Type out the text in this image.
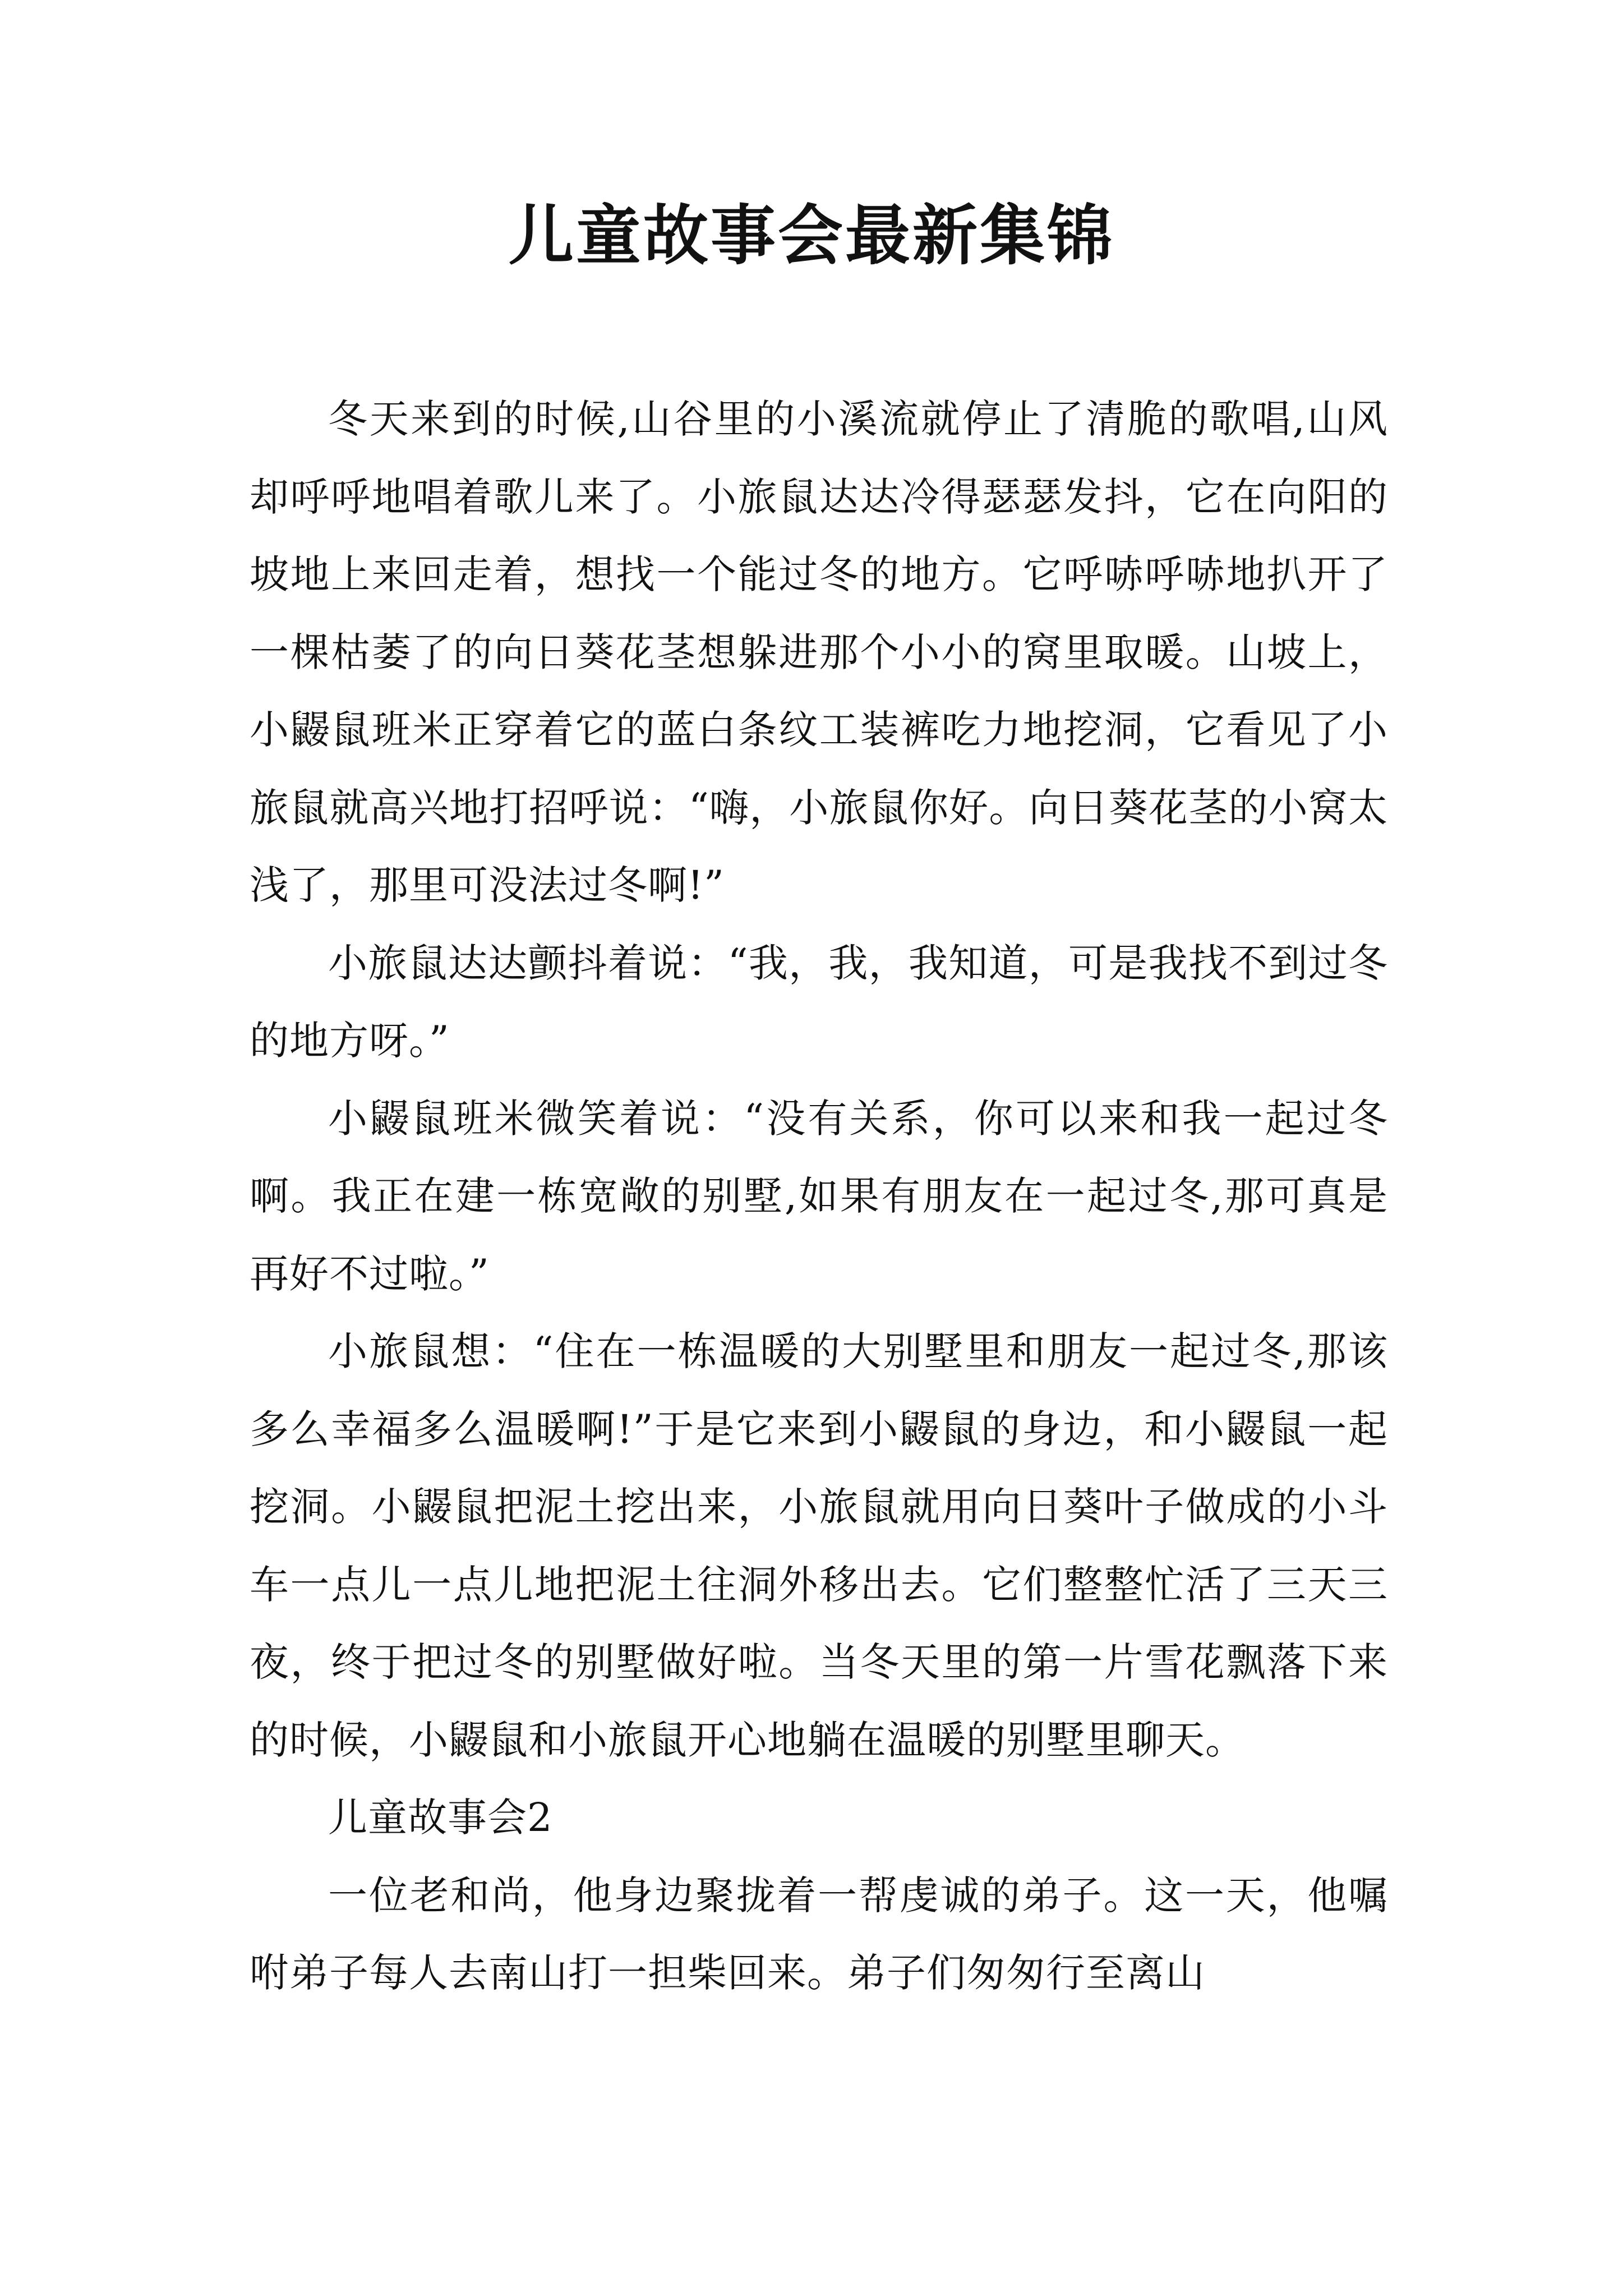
儿童故事会最新集锦

冬天来到的时候,山谷里的小溪流就停止了清脆的歌唱,山风却呼呼地唱着歌儿来了。小旅鼠达达冷得瑟瑟发抖，它在向阳的坡地上来回走着，想找一个能过冬的地方。它呼哧呼哧地扒开了一棵枯萎了的向日葵花茎想躲进那个小小的窝里取暖。山坡上，小鼹鼠班米正穿着它的蓝白条纹工装裤吃力地挖洞，它看见了小旅鼠就高兴地打招呼说：“嗨，小旅鼠你好。向日葵花茎的小窝太浅了，那里可没法过冬啊!”

小旅鼠达达颤抖着说：“我，我，我知道，可是我找不到过冬的地方呀。”

小鼹鼠班米微笑着说：“没有关系，你可以来和我一起过冬啊。我正在建一栋宽敞的别墅,如果有朋友在一起过冬,那可真是再好不过啦。”

小旅鼠想：“住在一栋温暖的大别墅里和朋友一起过冬,那该多么幸福多么温暖啊!”于是它来到小鼹鼠的身边，和小鼹鼠一起挖洞。小鼹鼠把泥土挖出来，小旅鼠就用向日葵叶子做成的小斗车一点儿一点儿地把泥土往洞外移出去。它们整整忙活了三天三夜，终于把过冬的别墅做好啦。当冬天里的第一片雪花飘落下来的时候，小鼹鼠和小旅鼠开心地躺在温暖的别墅里聊天。

儿童故事会2

一位老和尚，他身边聚拢着一帮虔诚的弟子。这一天，他嘱咐弟子每人去南山打一担柴回来。弟子们匆匆行至离山
